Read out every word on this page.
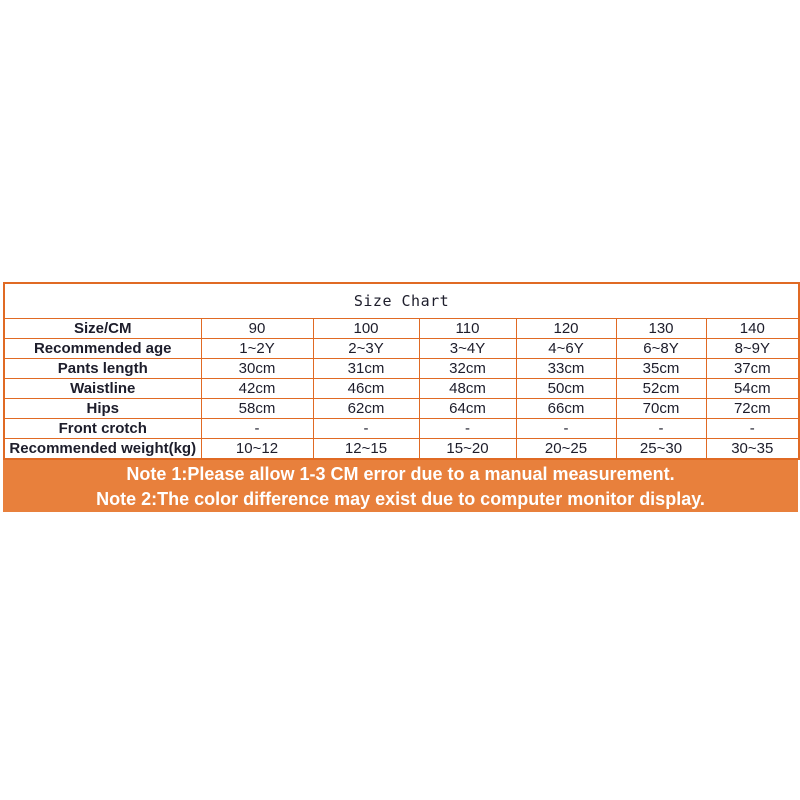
Size Chart						
Size/CM	90	100	110	120	130	140
Recommended age	1~2Y	2~3Y	3~4Y	4~6Y	6~8Y	8~9Y
Pants length	30cm	31cm	32cm	33cm	35cm	37cm
Waistline	42cm	46cm	48cm	50cm	52cm	54cm
Hips	58cm	62cm	64cm	66cm	70cm	72cm
Front crotch	-	-	-	-	-	-
Recommended weight(kg)	10~12	12~15	15~20	20~25	25~30	30~35
Note 1:Please allow 1-3 CM error due to a manual measurement.
Note 2:The color difference may exist due to computer monitor display.
